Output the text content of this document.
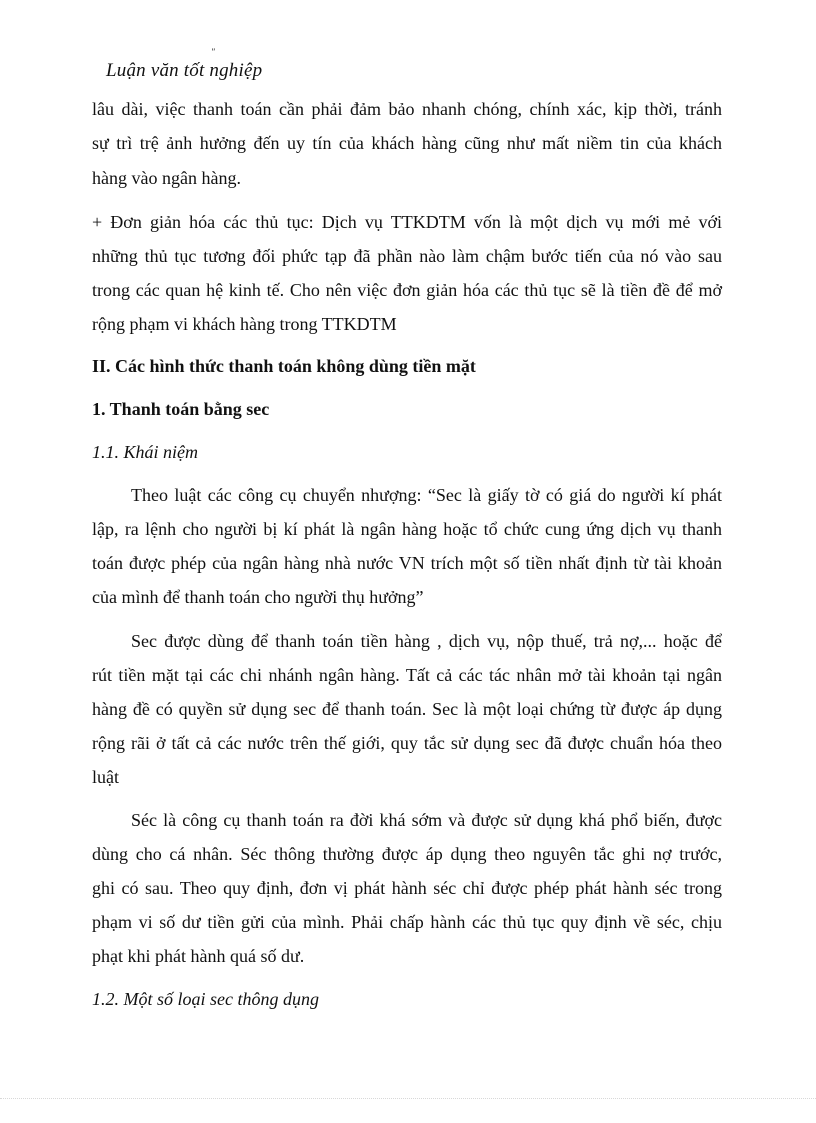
"
Luận văn tốt nghiệp
lâu dài, việc thanh toán cần phải đảm bảo nhanh chóng, chính xác, kịp thời, tránh
sự trì trệ ảnh hưởng đến uy tín của khách hàng cũng như mất niềm tin của khách
hàng vào ngân hàng.
+ Đơn giản hóa các thủ tục: Dịch vụ TTKDTM vốn là một dịch vụ mới mẻ với
những thủ tục tương đối phức tạp đã phần nào làm chậm bước tiến của nó vào sau
trong các quan hệ kinh tế. Cho nên việc đơn giản hóa các thủ tục sẽ là tiền đề để mở
rộng phạm vi khách hàng trong TTKDTM
II. Các hình thức thanh toán không dùng tiền mặt
1. Thanh toán bằng sec
1.1. Khái niệm
Theo luật các công cụ chuyển nhượng: “Sec là giấy tờ có giá do người kí phát
lập, ra lệnh cho người bị kí phát là ngân hàng hoặc tổ chức cung ứng dịch vụ thanh
toán được phép của ngân hàng nhà nước VN trích một số tiền nhất định từ tài khoản
của mình để thanh toán cho người thụ hưởng”
Sec được dùng để thanh toán tiền hàng , dịch vụ, nộp thuế, trả nợ,... hoặc để
rút tiền mặt tại các chi nhánh ngân hàng. Tất cả các tác nhân mở tài khoản tại ngân
hàng đề có quyền sử dụng sec để thanh toán. Sec là một loại chứng từ được áp dụng
rộng rãi ở tất cả các nước trên thế giới, quy tắc sử dụng sec đã được chuẩn hóa theo
luật
Séc là công cụ thanh toán ra đời khá sớm và được sử dụng khá phổ biến, được
dùng cho cá nhân. Séc thông thường được áp dụng theo nguyên tắc ghi nợ trước,
ghi có sau. Theo quy định, đơn vị phát hành séc chỉ được phép phát hành séc trong
phạm vi số dư tiền gửi của mình. Phải chấp hành các thủ tục quy định về séc, chịu
phạt khi phát hành quá số dư.
1.2. Một số loại sec thông dụng
